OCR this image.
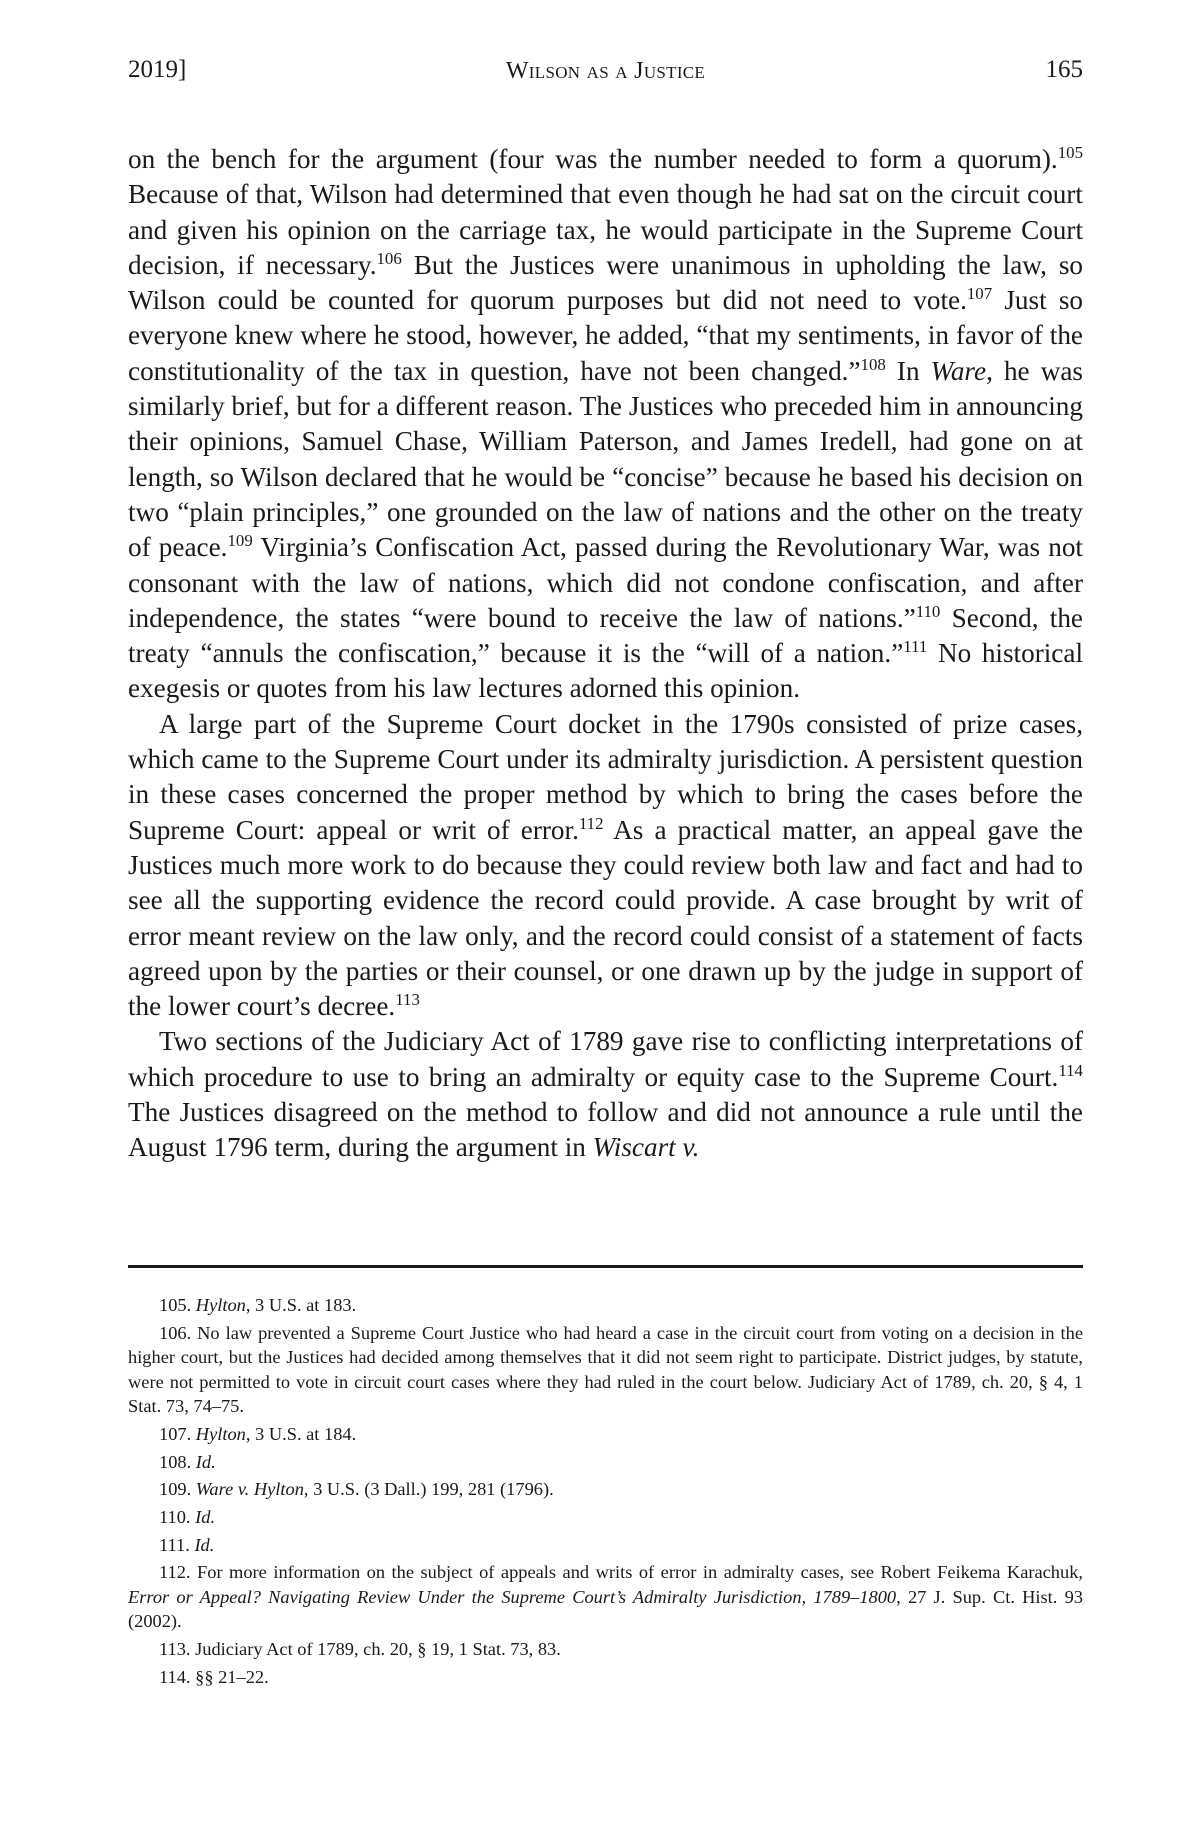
2019]	Wilson as a Justice	165

on the bench for the argument (four was the number needed to form a quorum).$^{105}$ Because of that, Wilson had determined that even though he had sat on the circuit court and given his opinion on the carriage tax, he would participate in the Supreme Court decision, if necessary.$^{106}$ But the Justices were unanimous in upholding the law, so Wilson could be counted for quorum purposes but did not need to vote.$^{107}$ Just so everyone knew where he stood, however, he added, “that my sentiments, in favor of the constitutionality of the tax in question, have not been changed.”$^{108}$ In Ware, he was similarly brief, but for a different reason. The Justices who preceded him in announcing their opinions, Samuel Chase, William Paterson, and James Iredell, had gone on at length, so Wilson declared that he would be “concise” because he based his decision on two “plain principles,” one grounded on the law of nations and the other on the treaty of peace.$^{109}$ Virginia’s Confiscation Act, passed during the Revolutionary War, was not consonant with the law of nations, which did not condone confiscation, and after independence, the states “were bound to receive the law of nations.”$^{110}$ Second, the treaty “annuls the confiscation,” because it is the “will of a nation.”$^{111}$ No historical exegesis or quotes from his law lectures adorned this opinion.

A large part of the Supreme Court docket in the 1790s consisted of prize cases, which came to the Supreme Court under its admiralty jurisdiction. A persistent question in these cases concerned the proper method by which to bring the cases before the Supreme Court: appeal or writ of error.$^{112}$ As a practical matter, an appeal gave the Justices much more work to do because they could review both law and fact and had to see all the supporting evidence the record could provide. A case brought by writ of error meant review on the law only, and the record could consist of a statement of facts agreed upon by the parties or their counsel, or one drawn up by the judge in support of the lower court’s decree.$^{113}$

Two sections of the Judiciary Act of 1789 gave rise to conflicting interpretations of which procedure to use to bring an admiralty or equity case to the Supreme Court.$^{114}$ The Justices disagreed on the method to follow and did not announce a rule until the August 1796 term, during the argument in Wiscart v.

105. Hylton, 3 U.S. at 183.

106. No law prevented a Supreme Court Justice who had heard a case in the circuit court from voting on a decision in the higher court, but the Justices had decided among themselves that it did not seem right to participate. District judges, by statute, were not permitted to vote in circuit court cases where they had ruled in the court below. Judiciary Act of 1789, ch. 20, § 4, 1 Stat. 73, 74–75.

107. Hylton, 3 U.S. at 184.

108. Id.

109. Ware v. Hylton, 3 U.S. (3 Dall.) 199, 281 (1796).

110. Id.

111. Id.

112. For more information on the subject of appeals and writs of error in admiralty cases, see Robert Feikema Karachuk, Error or Appeal? Navigating Review Under the Supreme Court’s Admiralty Jurisdiction, 1789–1800, 27 J. Sup. Ct. Hist. 93 (2002).

113. Judiciary Act of 1789, ch. 20, § 19, 1 Stat. 73, 83.

114. §§ 21–22.
